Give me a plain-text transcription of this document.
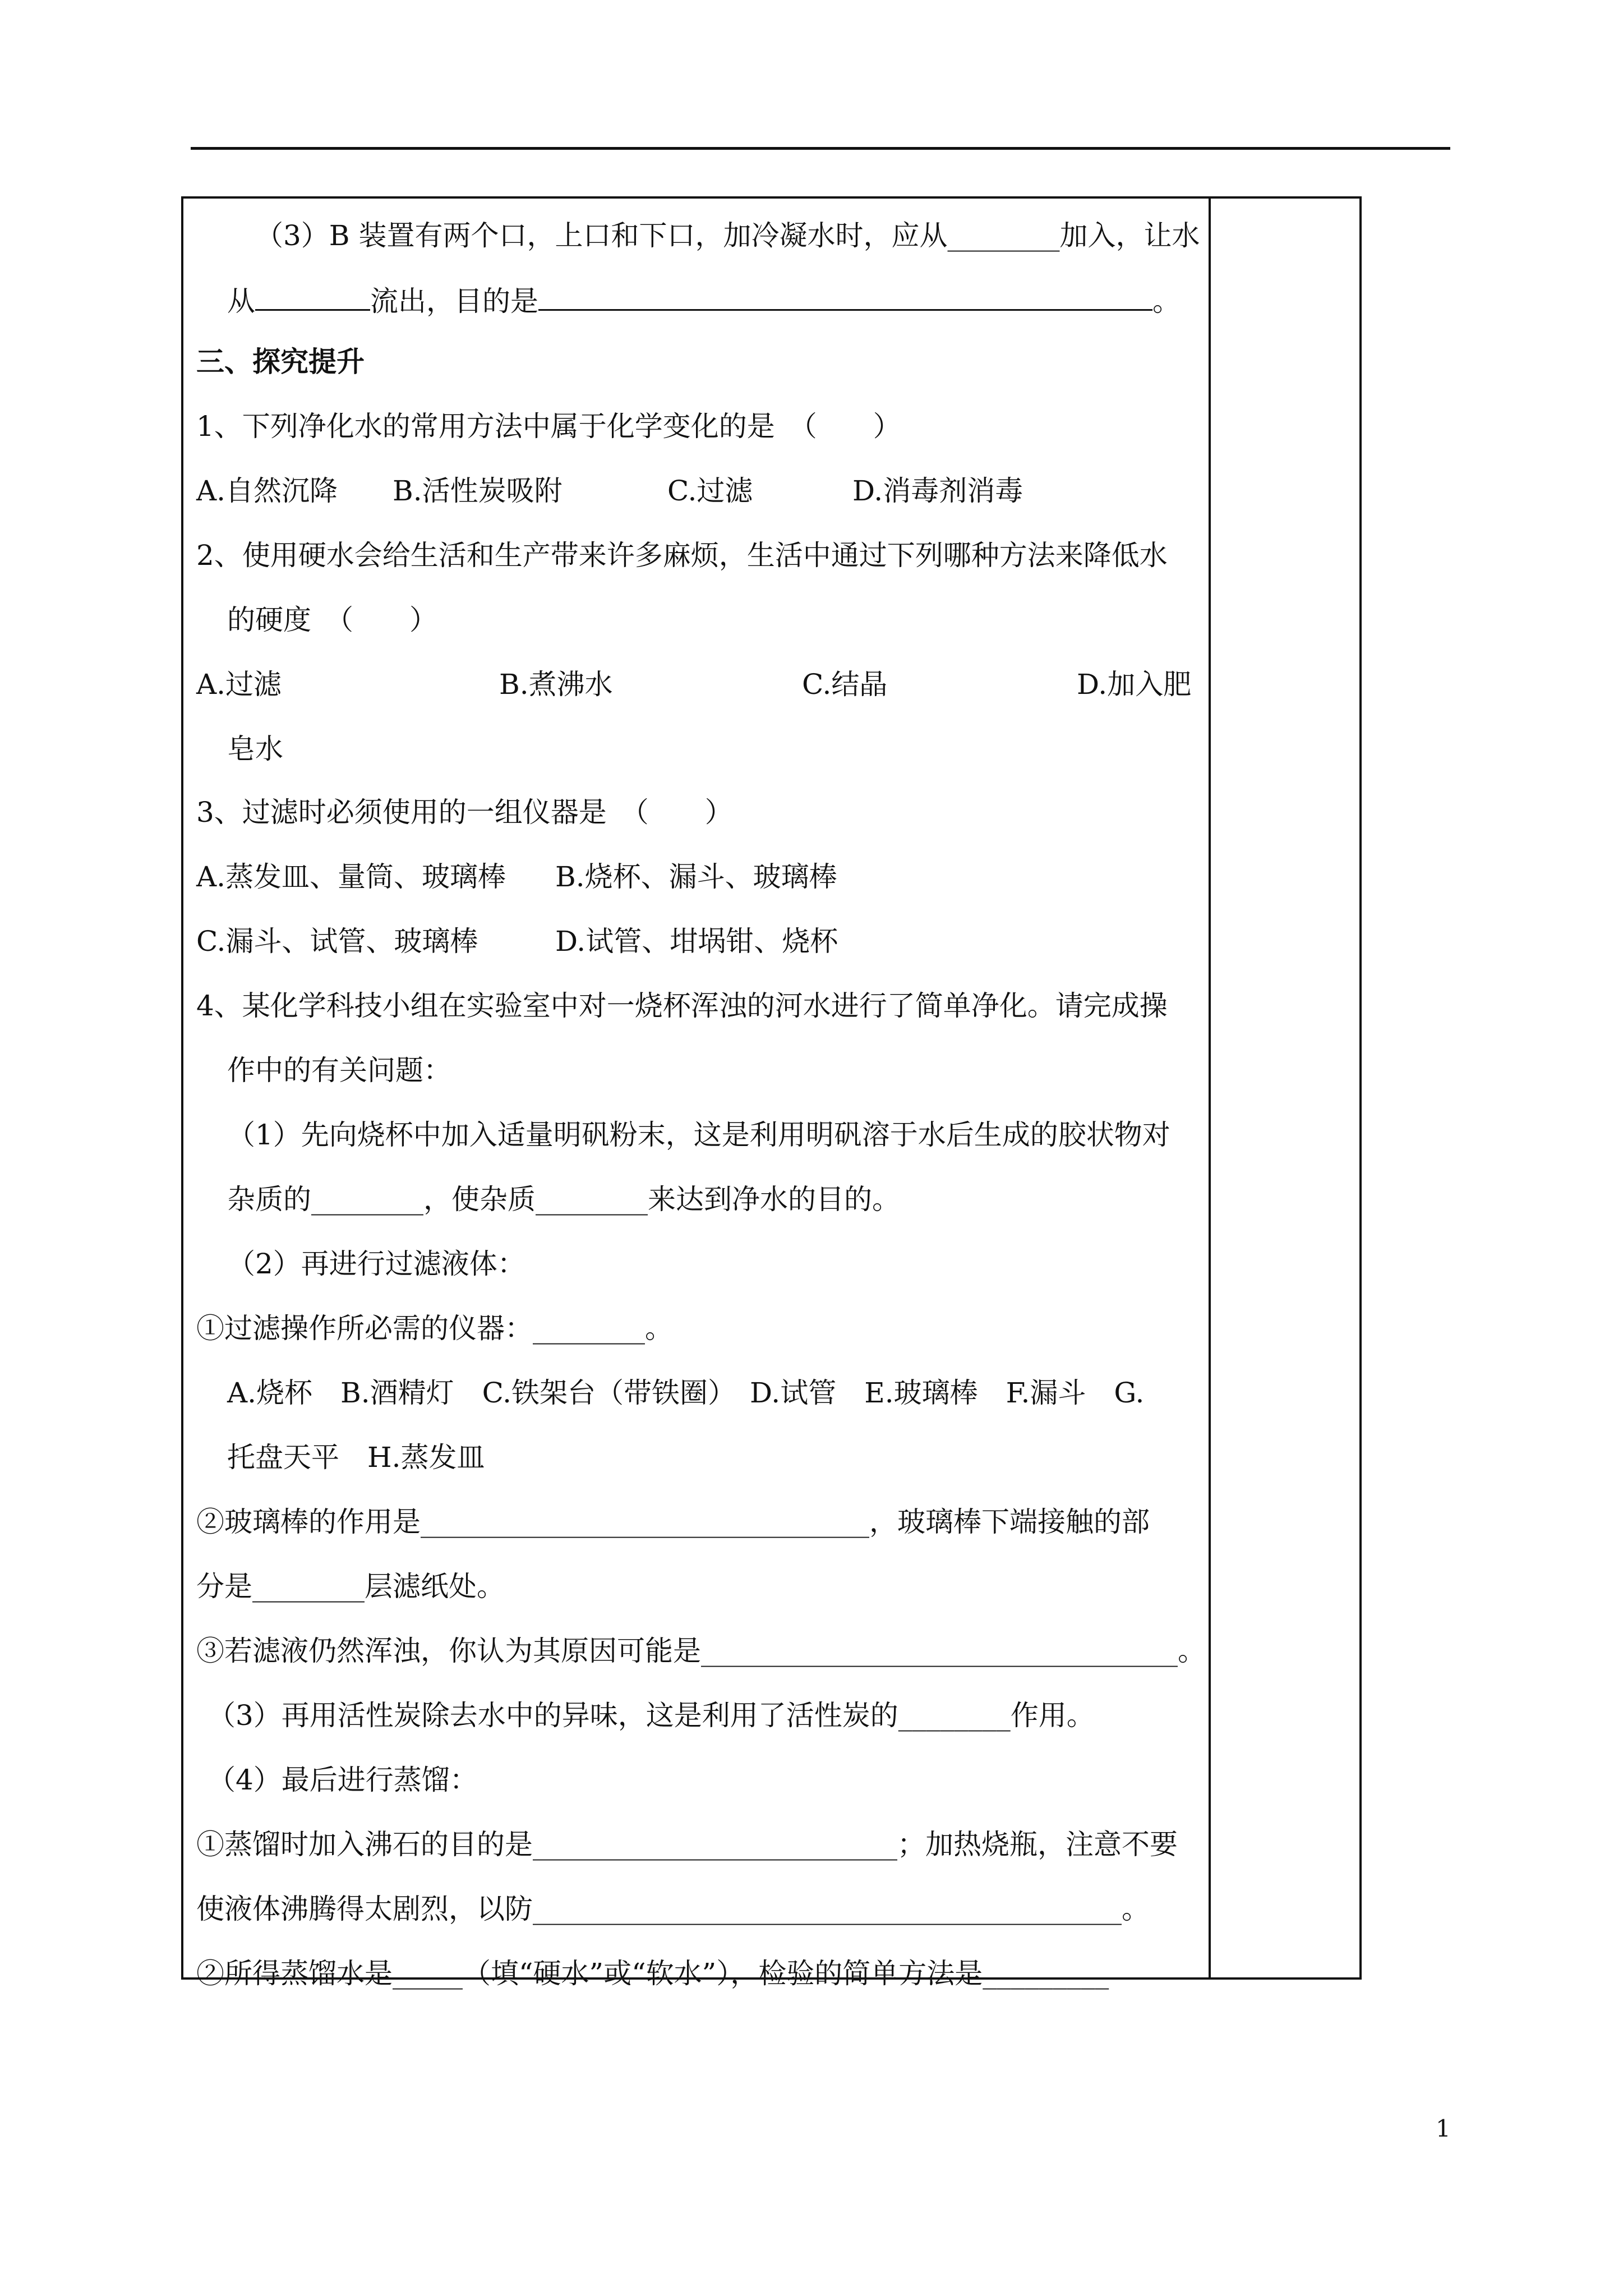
（3）B 装置有两个口，上口和下口，加冷凝水时，应从________加入，让水
从	流出，目的是	。
三、探究提升
1、下列净化水的常用方法中属于化学变化的是　（　　）
A.自然沉降 B.活性炭吸附	C.过滤	D.消毒剂消毒
2、使用硬水会给生活和生产带来许多麻烦，生活中通过下列哪种方法来降低水
的硬度　（　　）
A.过滤	B.煮沸水	C.结晶	D.加入肥
皂水
3、过滤时必须使用的一组仪器是　（　　）
A.蒸发皿、量筒、玻璃棒 B.烧杯、漏斗、玻璃棒
C.漏斗、试管、玻璃棒	D.试管、坩埚钳、烧杯
4、某化学科技小组在实验室中对一烧杯浑浊的河水进行了简单净化。请完成操
作中的有关问题：
（1）先向烧杯中加入适量明矾粉末，这是利用明矾溶于水后生成的胶状物对
杂质的________，使杂质________来达到净水的目的。
（2）再进行过滤液体：
①过滤操作所必需的仪器：________。
A.烧杯　B.酒精灯　C.铁架台（带铁圈）　D.试管　E.玻璃棒　F.漏斗　G.
托盘天平　H.蒸发皿
②玻璃棒的作用是________________________________，玻璃棒下端接触的部
分是________层滤纸处。
③若滤液仍然浑浊，你认为其原因可能是__________________________________。
（3）再用活性炭除去水中的异味，这是利用了活性炭的________作用。
（4）最后进行蒸馏：
①蒸馏时加入沸石的目的是__________________________；加热烧瓶，注意不要
使液体沸腾得太剧烈，以防__________________________________________。
②所得蒸馏水是_____（填“硬水”或“软水”），检验的简单方法是_________
1
